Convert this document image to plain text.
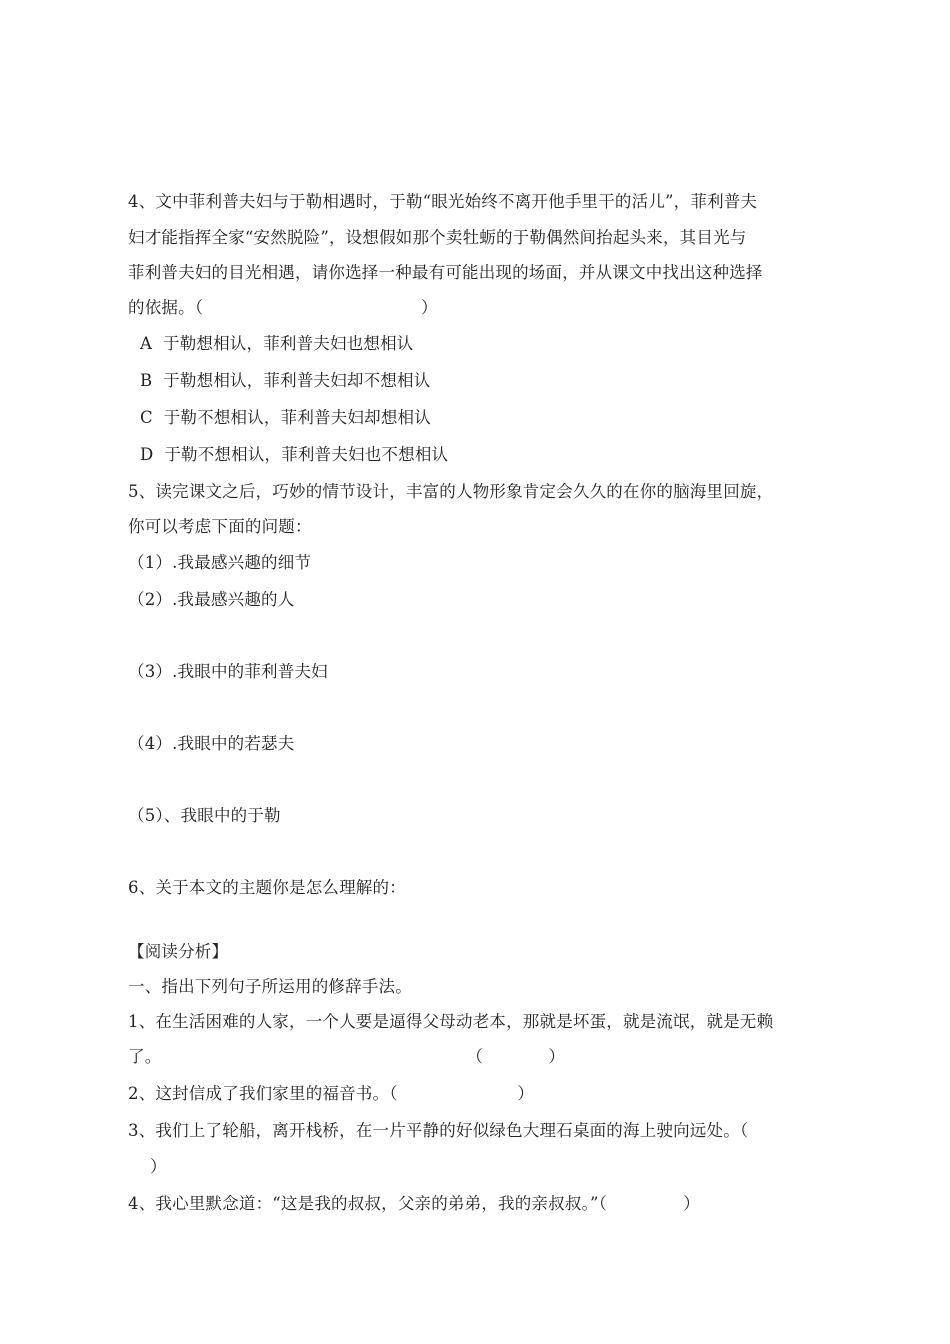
4、文中菲利普夫妇与于勒相遇时，于勒“眼光始终不离开他手里干的活儿”，菲利普夫
妇才能指挥全家“安然脱险”，设想假如那个卖牡蛎的于勒偶然间抬起头来，其目光与
菲利普夫妇的目光相遇，请你选择一种最有可能出现的场面，并从课文中找出这种选择
的依据。（                                        ）
A  于勒想相认，菲利普夫妇也想相认
B  于勒想相认，菲利普夫妇却不想相认
C  于勒不想相认，菲利普夫妇却想相认
D  于勒不想相认，菲利普夫妇也不想相认
5、读完课文之后，巧妙的情节设计，丰富的人物形象肯定会久久的在你的脑海里回旋，
你可以考虑下面的问题：
（1）.我最感兴趣的细节
（2）.我最感兴趣的人
（3）.我眼中的菲利普夫妇
（4）.我眼中的若瑟夫
（5）、我眼中的于勒
6、关于本文的主题你是怎么理解的：
【阅读分析】
一、指出下列句子所运用的修辞手法。
1、在生活困难的人家，一个人要是逼得父母动老本，那就是坏蛋，就是流氓，就是无赖
了。                                                        （            ）
2、这封信成了我们家里的福音书。（                      ）
3、我们上了轮船，离开栈桥，在一片平静的好似绿色大理石桌面的海上驶向远处。（
）
4、我心里默念道：“这是我的叔叔，父亲的弟弟，我的亲叔叔。”（              ）
